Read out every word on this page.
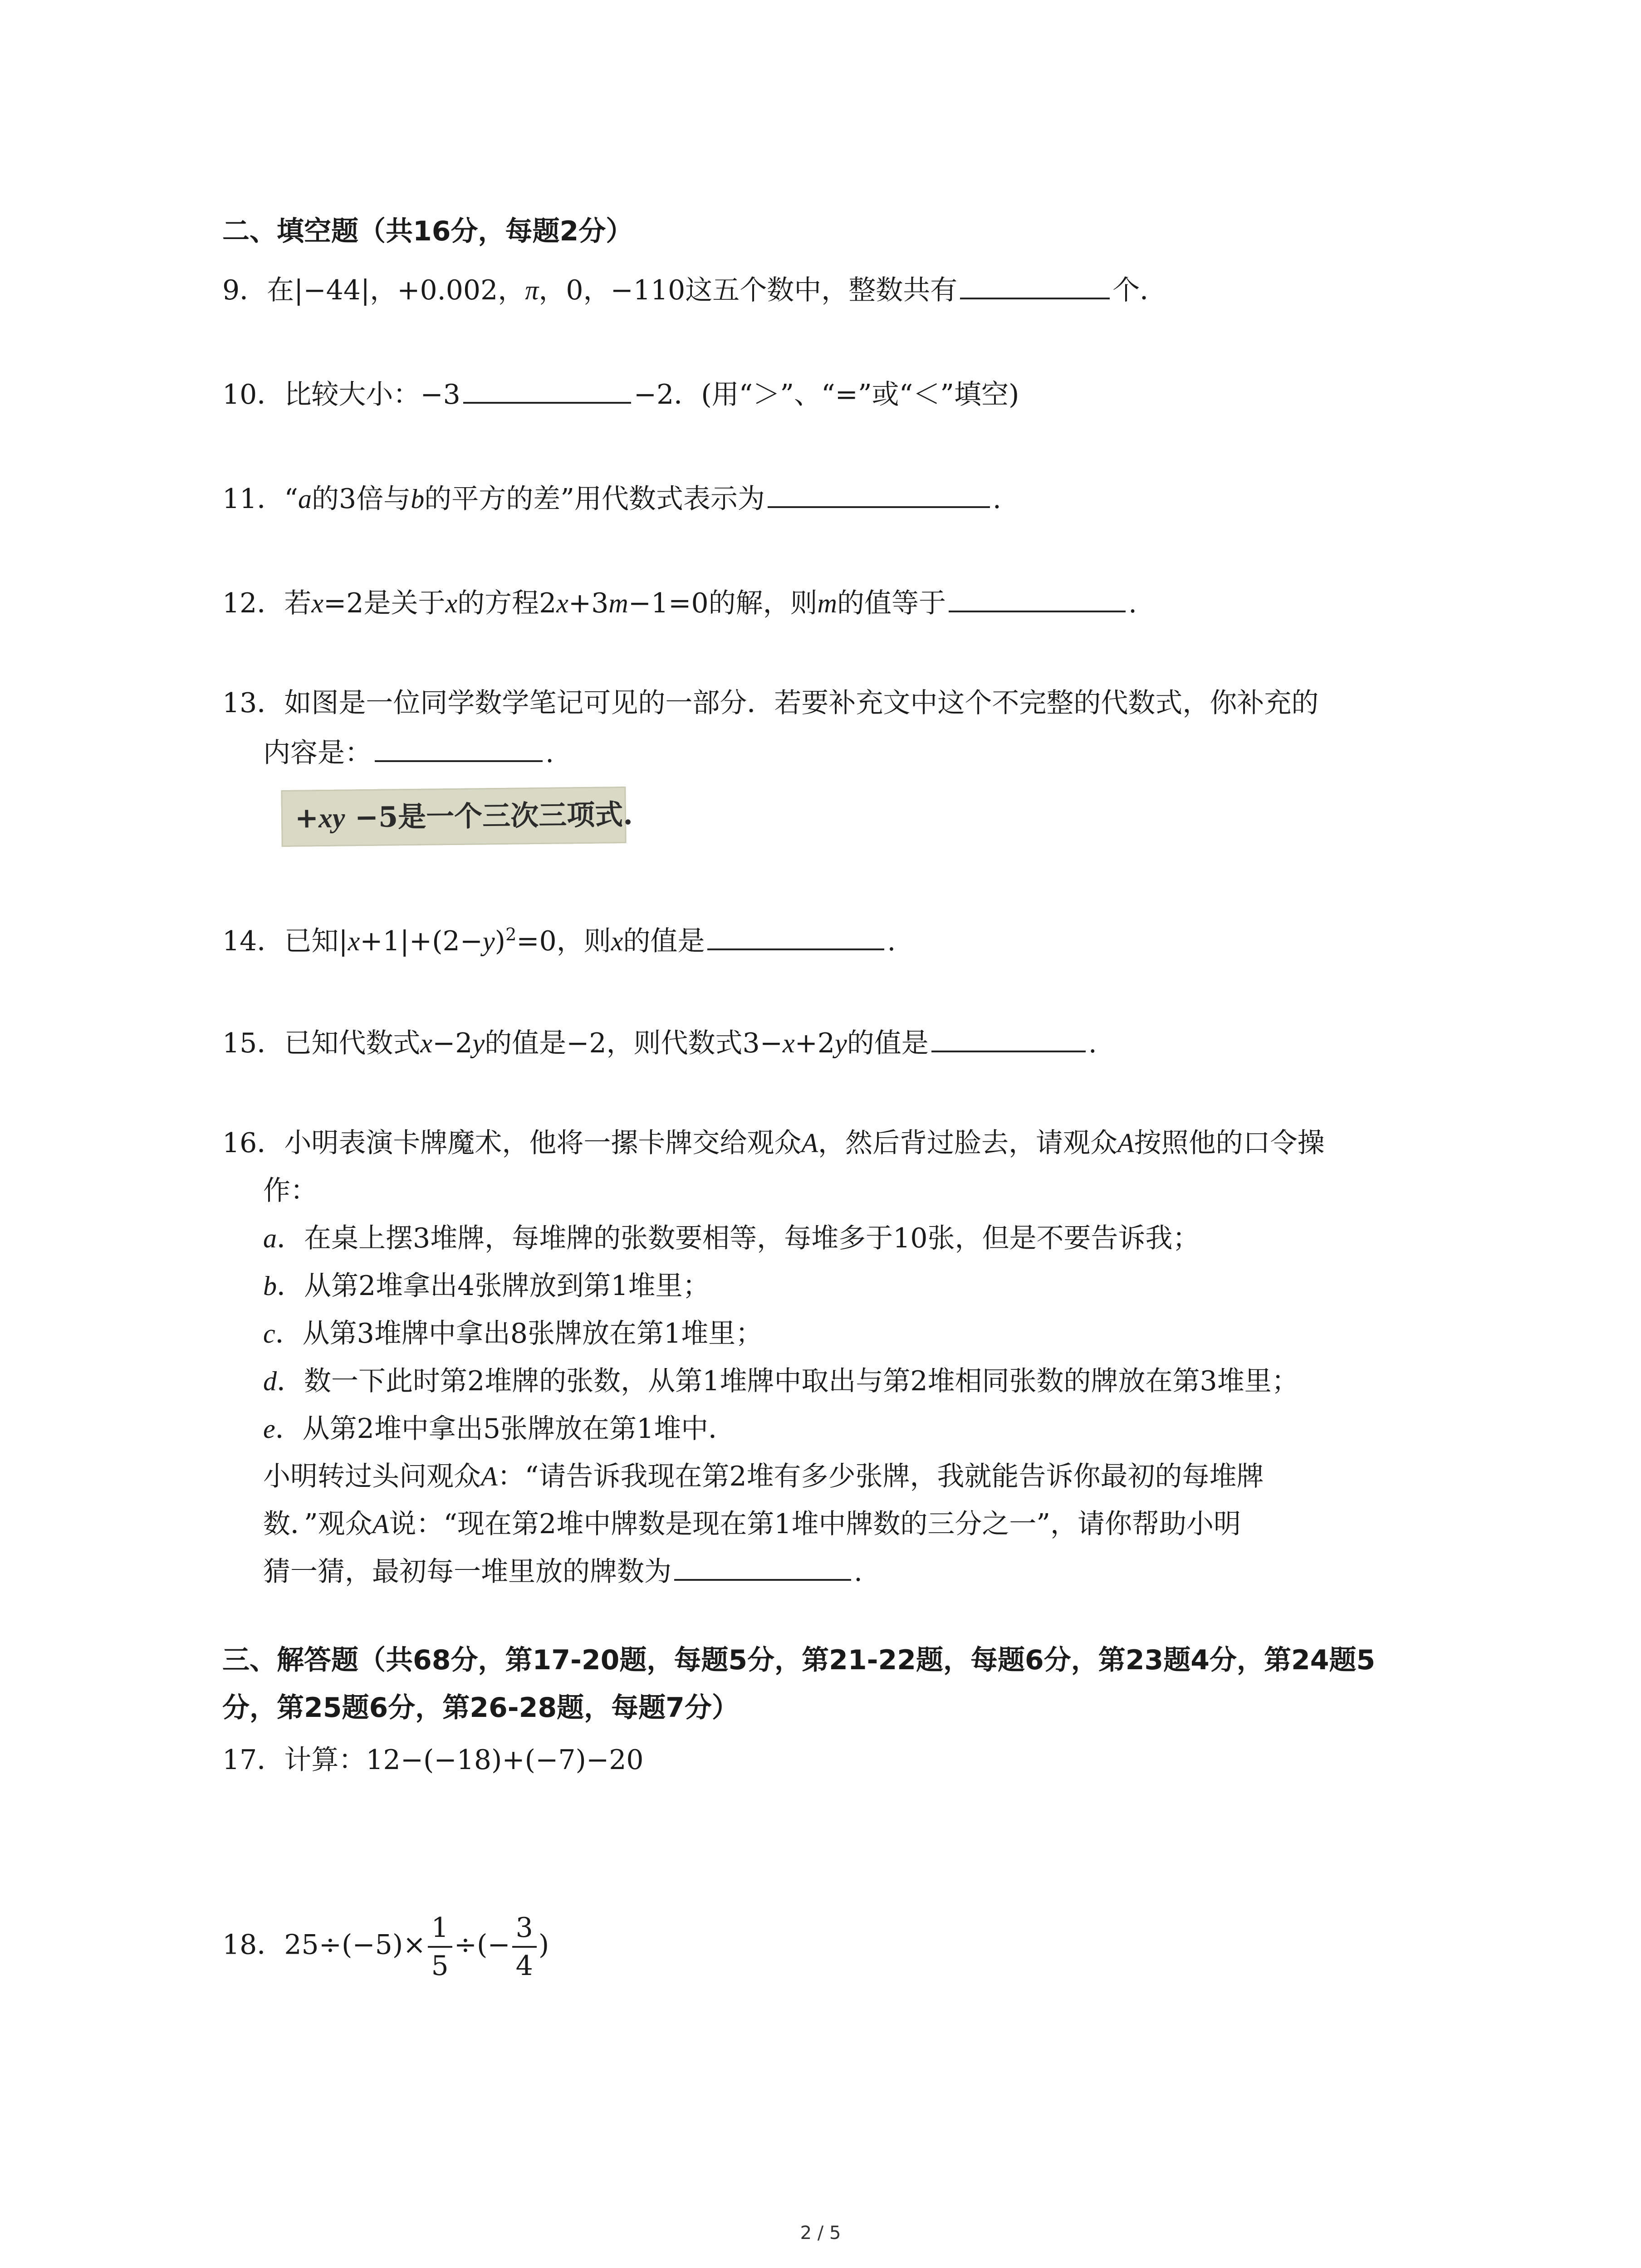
二、填空题（共16分，每题2分）
9．在|−44|，+0.002，π，0，−110这五个数中，整数共有	个．
10．比较大小：−3	−2．(用“＞”、“=”或“＜”填空)
11．“a的3倍与b的平方的差”用代数式表示为	.
12．若x=2是关于x的方程2x+3m−1=0的解，则m的值等于	.
13．如图是一位同学数学笔记可见的一部分．若要补充文中这个不完整的代数式，你补充的
内容是：	.
+xy −5是一个三次三项式.
14．已知$|x+1|+(2-y)^2=0$，则x的值是	.
15．已知代数式x−2y的值是−2，则代数式3−x+2y的值是	.
16．小明表演卡牌魔术，他将一摞卡牌交给观众A，然后背过脸去，请观众A按照他的口令操
作：
a．在桌上摆3堆牌，每堆牌的张数要相等，每堆多于10张，但是不要告诉我；
b．从第2堆拿出4张牌放到第1堆里；
c．从第3堆牌中拿出8张牌放在第1堆里；
d．数一下此时第2堆牌的张数，从第1堆牌中取出与第2堆相同张数的牌放在第3堆里；
e．从第2堆中拿出5张牌放在第1堆中．
小明转过头问观众A：“请告诉我现在第2堆有多少张牌，我就能告诉你最初的每堆牌
数．”观众A说：“现在第2堆中牌数是现在第1堆中牌数的三分之一”，请你帮助小明
猜一猜，最初每一堆里放的牌数为	.
三、解答题（共68分，第17-20题，每题5分，第21-22题，每题6分，第23题4分，第24题5
分，第25题6分，第26-28题，每题7分）
17．计算：12−(−18)+(−7)−20
18．$25\div(-5)\times \frac{1}{5}$ ÷(− $\frac{3}{4}$ )
2 / 5
